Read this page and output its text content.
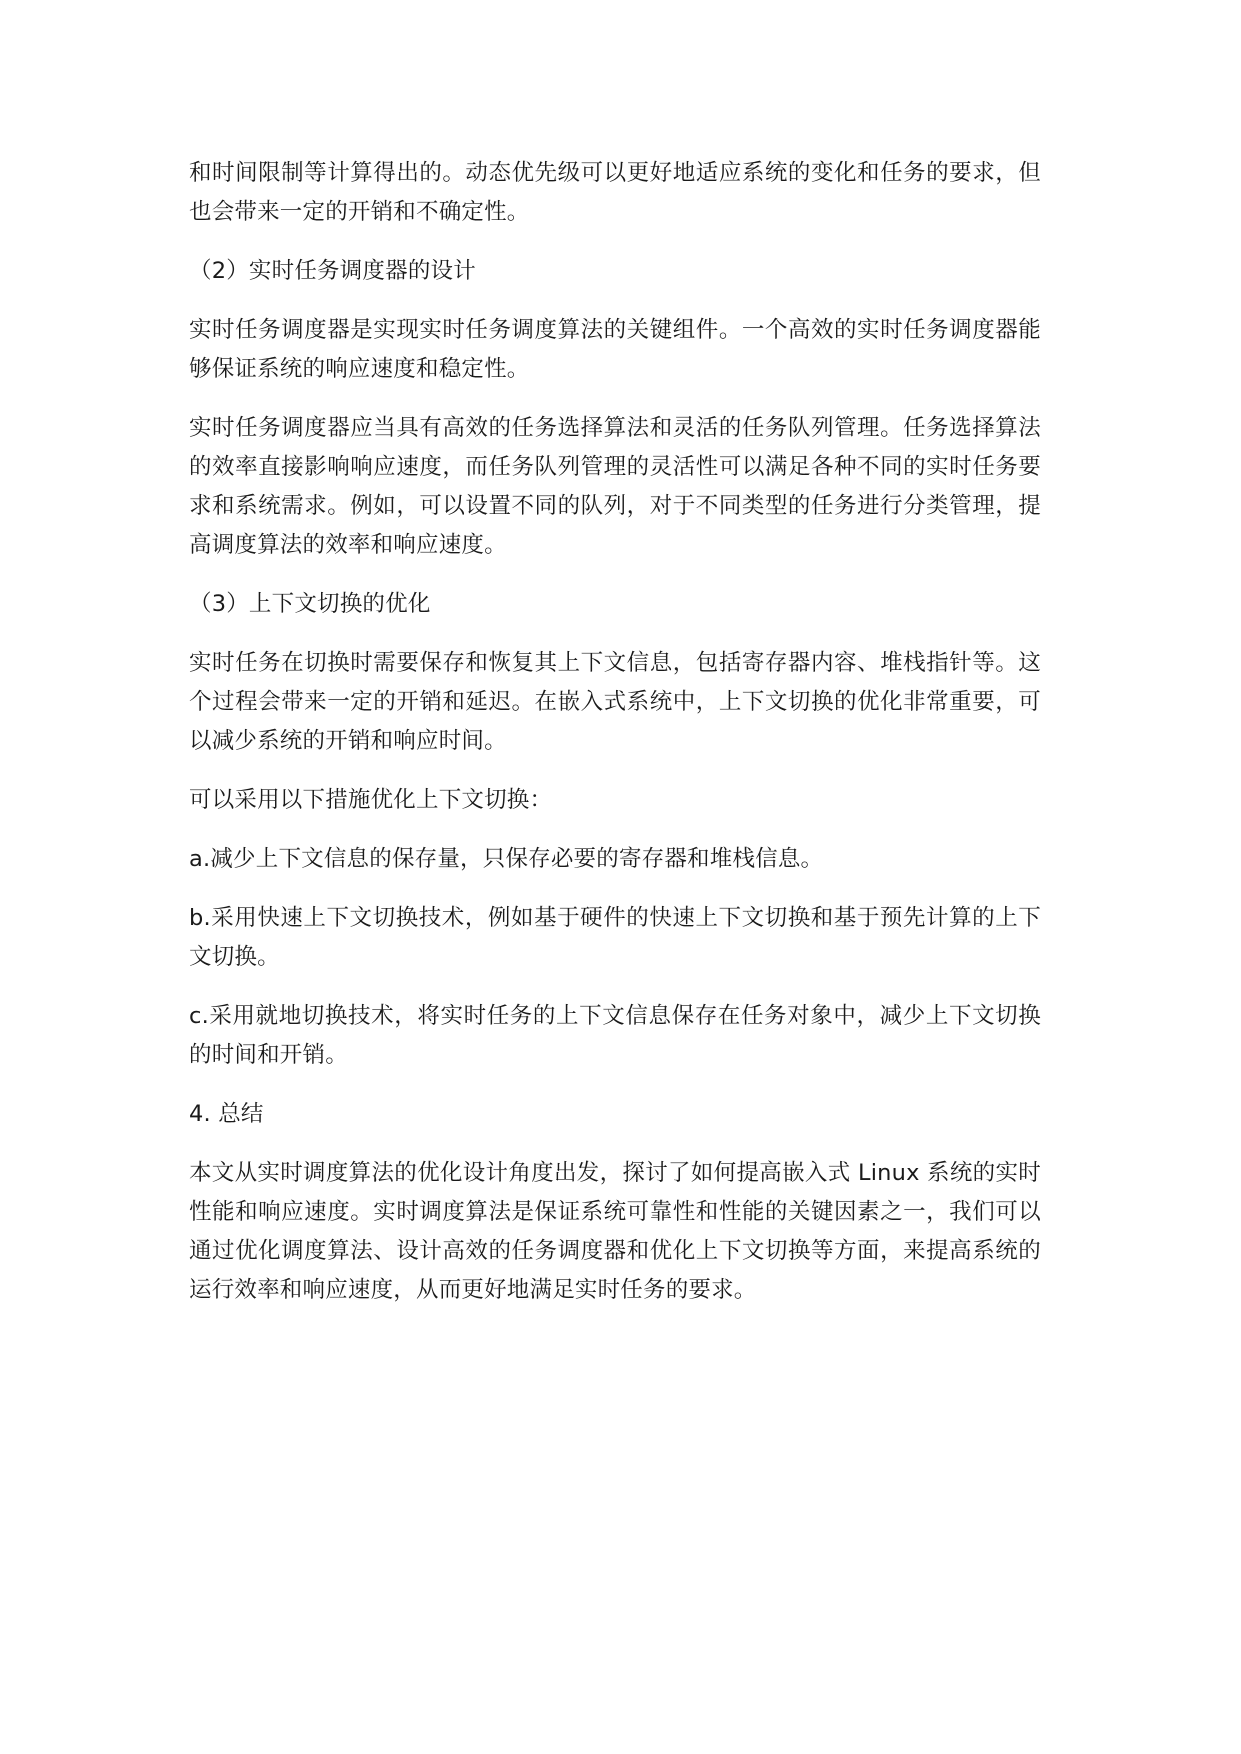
和时间限制等计算得出的。动态优先级可以更好地适应系统的变化和任务的要求，但也会带来一定的开销和不确定性。

（2）实时任务调度器的设计

实时任务调度器是实现实时任务调度算法的关键组件。一个高效的实时任务调度器能够保证系统的响应速度和稳定性。

实时任务调度器应当具有高效的任务选择算法和灵活的任务队列管理。任务选择算法的效率直接影响响应速度，而任务队列管理的灵活性可以满足各种不同的实时任务要求和系统需求。例如，可以设置不同的队列，对于不同类型的任务进行分类管理，提高调度算法的效率和响应速度。

（3）上下文切换的优化

实时任务在切换时需要保存和恢复其上下文信息，包括寄存器内容、堆栈指针等。这个过程会带来一定的开销和延迟。在嵌入式系统中，上下文切换的优化非常重要，可以减少系统的开销和响应时间。

可以采用以下措施优化上下文切换：

a.减少上下文信息的保存量，只保存必要的寄存器和堆栈信息。

b.采用快速上下文切换技术，例如基于硬件的快速上下文切换和基于预先计算的上下文切换。

c.采用就地切换技术，将实时任务的上下文信息保存在任务对象中，减少上下文切换的时间和开销。

4. 总结

本文从实时调度算法的优化设计角度出发，探讨了如何提高嵌入式 Linux 系统的实时性能和响应速度。实时调度算法是保证系统可靠性和性能的关键因素之一，我们可以通过优化调度算法、设计高效的任务调度器和优化上下文切换等方面，来提高系统的运行效率和响应速度，从而更好地满足实时任务的要求。
